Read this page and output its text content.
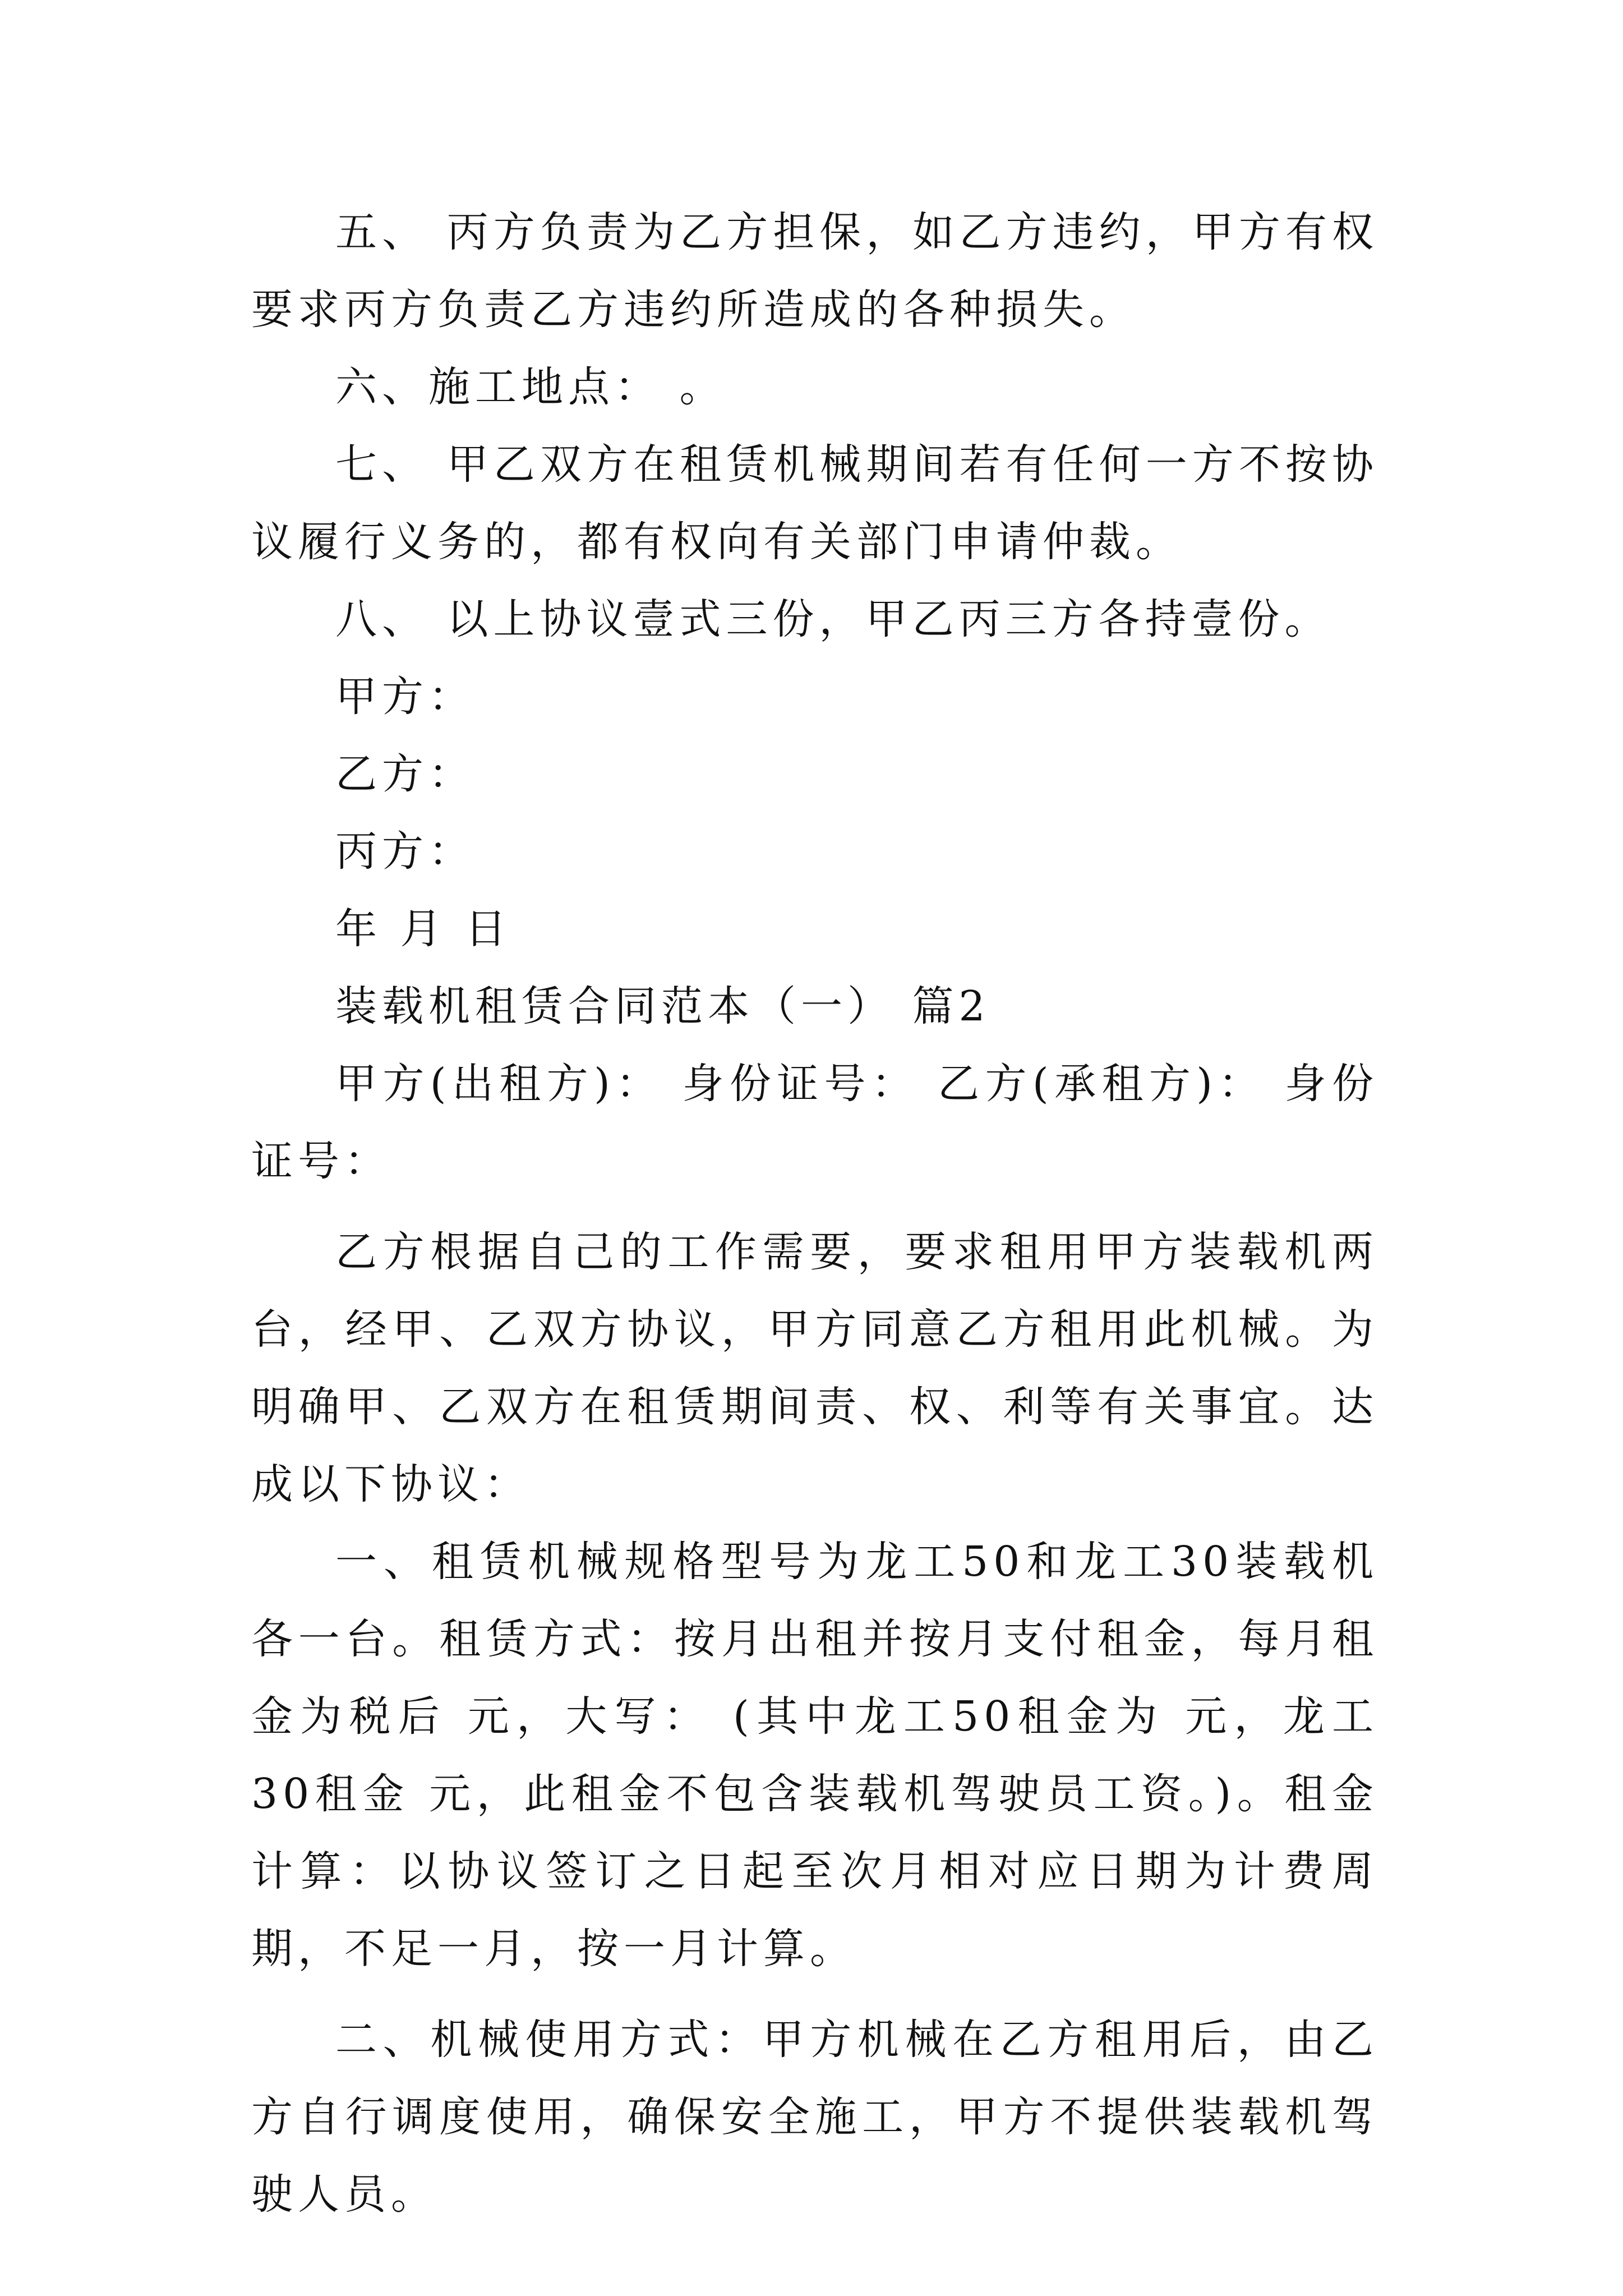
五、 丙方负责为乙方担保，如乙方违约，甲方有权要求丙方负责乙方违约所造成的各种损失。

六、施工地点： 。

七、 甲乙双方在租赁机械期间若有任何一方不按协议履行义务的，都有权向有关部门申请仲裁。

八、 以上协议壹式三份，甲乙丙三方各持壹份。

甲方：

乙方：

丙方：

年 月 日

装载机租赁合同范本（一） 篇2

甲方(出租方)： 身份证号： 乙方(承租方)： 身份证号：

乙方根据自己的工作需要，要求租用甲方装载机两台，经甲、乙双方协议，甲方同意乙方租用此机械。为明确甲、乙双方在租赁期间责、权、利等有关事宜。达成以下协议：

一、租赁机械规格型号为龙工50和龙工30装载机各一台。租赁方式：按月出租并按月支付租金，每月租金为税后 元，大写： (其中龙工50租金为 元，龙工30租金 元，此租金不包含装载机驾驶员工资。)。租金计算：以协议签订之日起至次月相对应日期为计费周期，不足一月，按一月计算。

二、机械使用方式：甲方机械在乙方租用后，由乙方自行调度使用，确保安全施工，甲方不提供装载机驾驶人员。
